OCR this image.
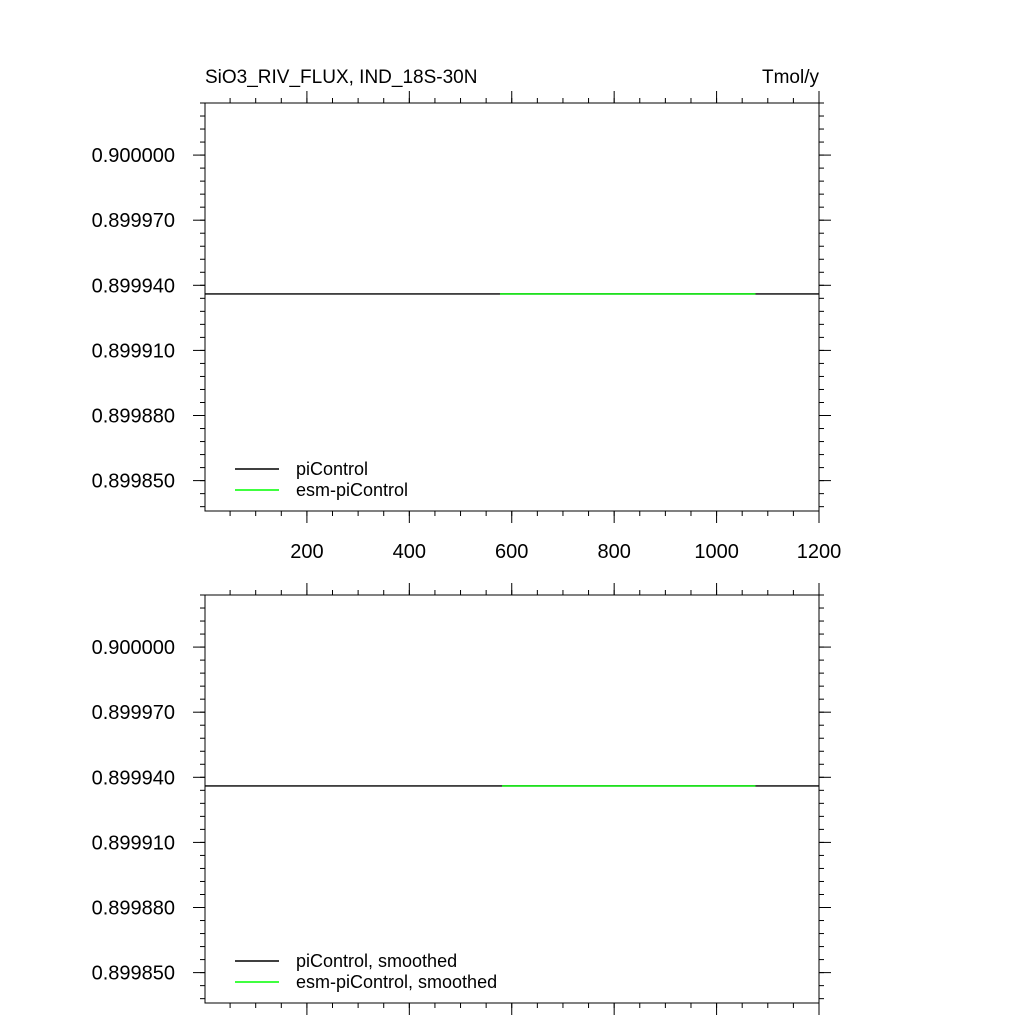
0.899850
0.899880
0.899910
0.899940
0.899970
0.900000
200	400	600	800	1000	1200
SiO3_RIV_FLUX, IND_18S-30N	Tmol/y
piControl
esm-piControl
0.899850
0.899880
0.899910
0.899940
0.899970
0.900000
piControl, smoothed
esm-piControl, smoothed
